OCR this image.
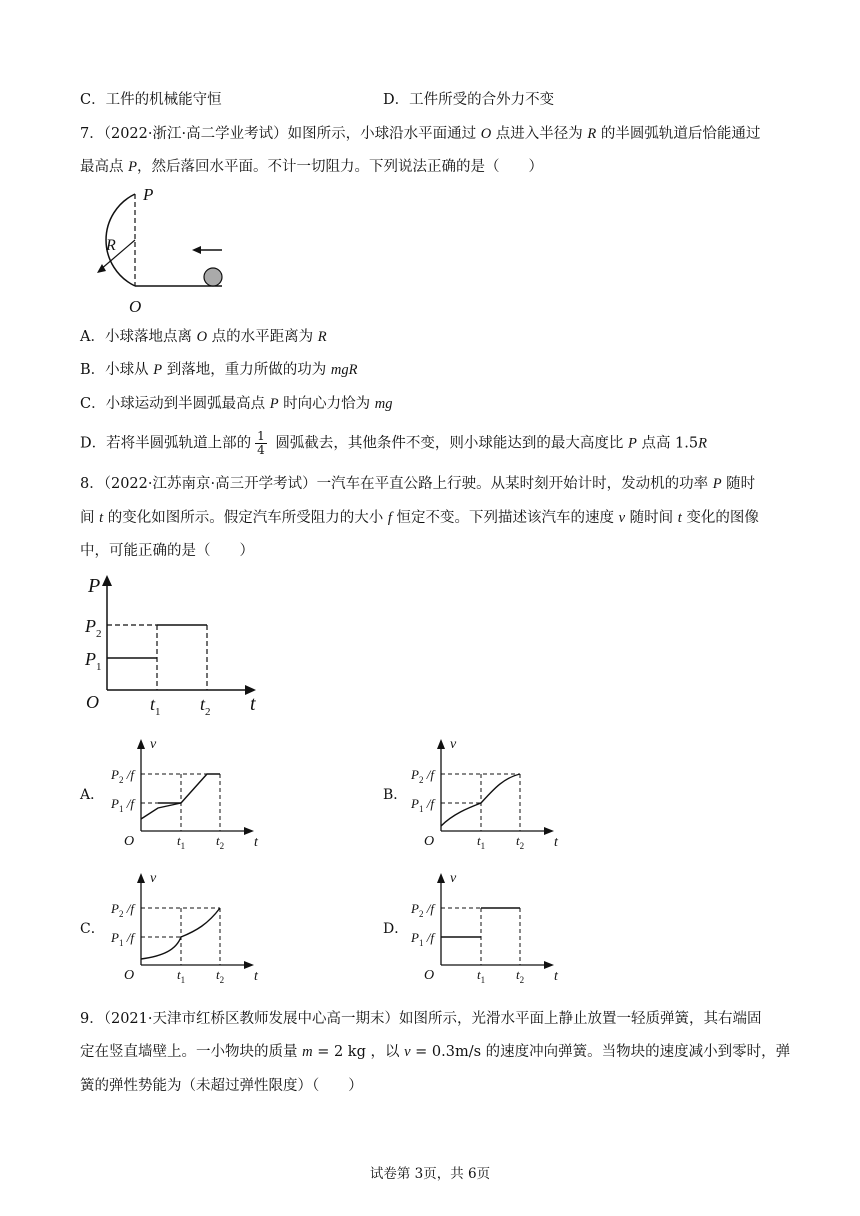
C．工件的机械能守恒	D．工件所受的合外力不变
7．（2022·浙江·高二学业考试）如图所示，小球沿水平面通过 O 点进入半径为 R 的半圆弧轨道后恰能通过
最高点 P，然后落回水平面。不计一切阻力。下列说法正确的是（　　）
P
R
O
A．小球落地点离 O 点的水平距离为 R
B．小球从 P 到落地，重力所做的功为 mgR
C．小球运动到半圆弧最高点 P 时向心力恰为 mg
D．若将半圆弧轨道上部的 $\frac{1}{4}$ 圆弧截去，其他条件不变，则小球能达到的最大高度比 P 点高 1.5R
8．（2022·江苏南京·高三开学考试）一汽车在平直公路上行驶。从某时刻开始计时，发动机的功率 P 随时
间 t 的变化如图所示。假定汽车所受阻力的大小 f 恒定不变。下列描述该汽车的速度 v 随时间 t 变化的图像
中，可能正确的是（　　）
P
t
O
$P_2$
$P_1$
$t_1$ $t_2$
A．	B．
C．	D．
v
t
O
$P_2$ /f
$P_1$ /f
$t_1$ $t_2$
v
t
O
$P_2$ /f
$P_1$ /f
$t_1$ $t_2$
v
t
O
$P_2$ /f
$P_1$ /f
$t_1$ $t_2$
v
t
O
$P_2$ /f
$P_1$ /f
$t_1$ $t_2$
9．（2021·天津市红桥区教师发展中心高一期末）如图所示，光滑水平面上静止放置一轻质弹簧，其右端固
定在竖直墙壁上。一小物块的质量 m = 2 kg ，以 v = 0.3m/s 的速度冲向弹簧。当物块的速度减小到零时，弹
簧的弹性势能为（未超过弹性限度）（　　）
试卷第 3页，共 6页
